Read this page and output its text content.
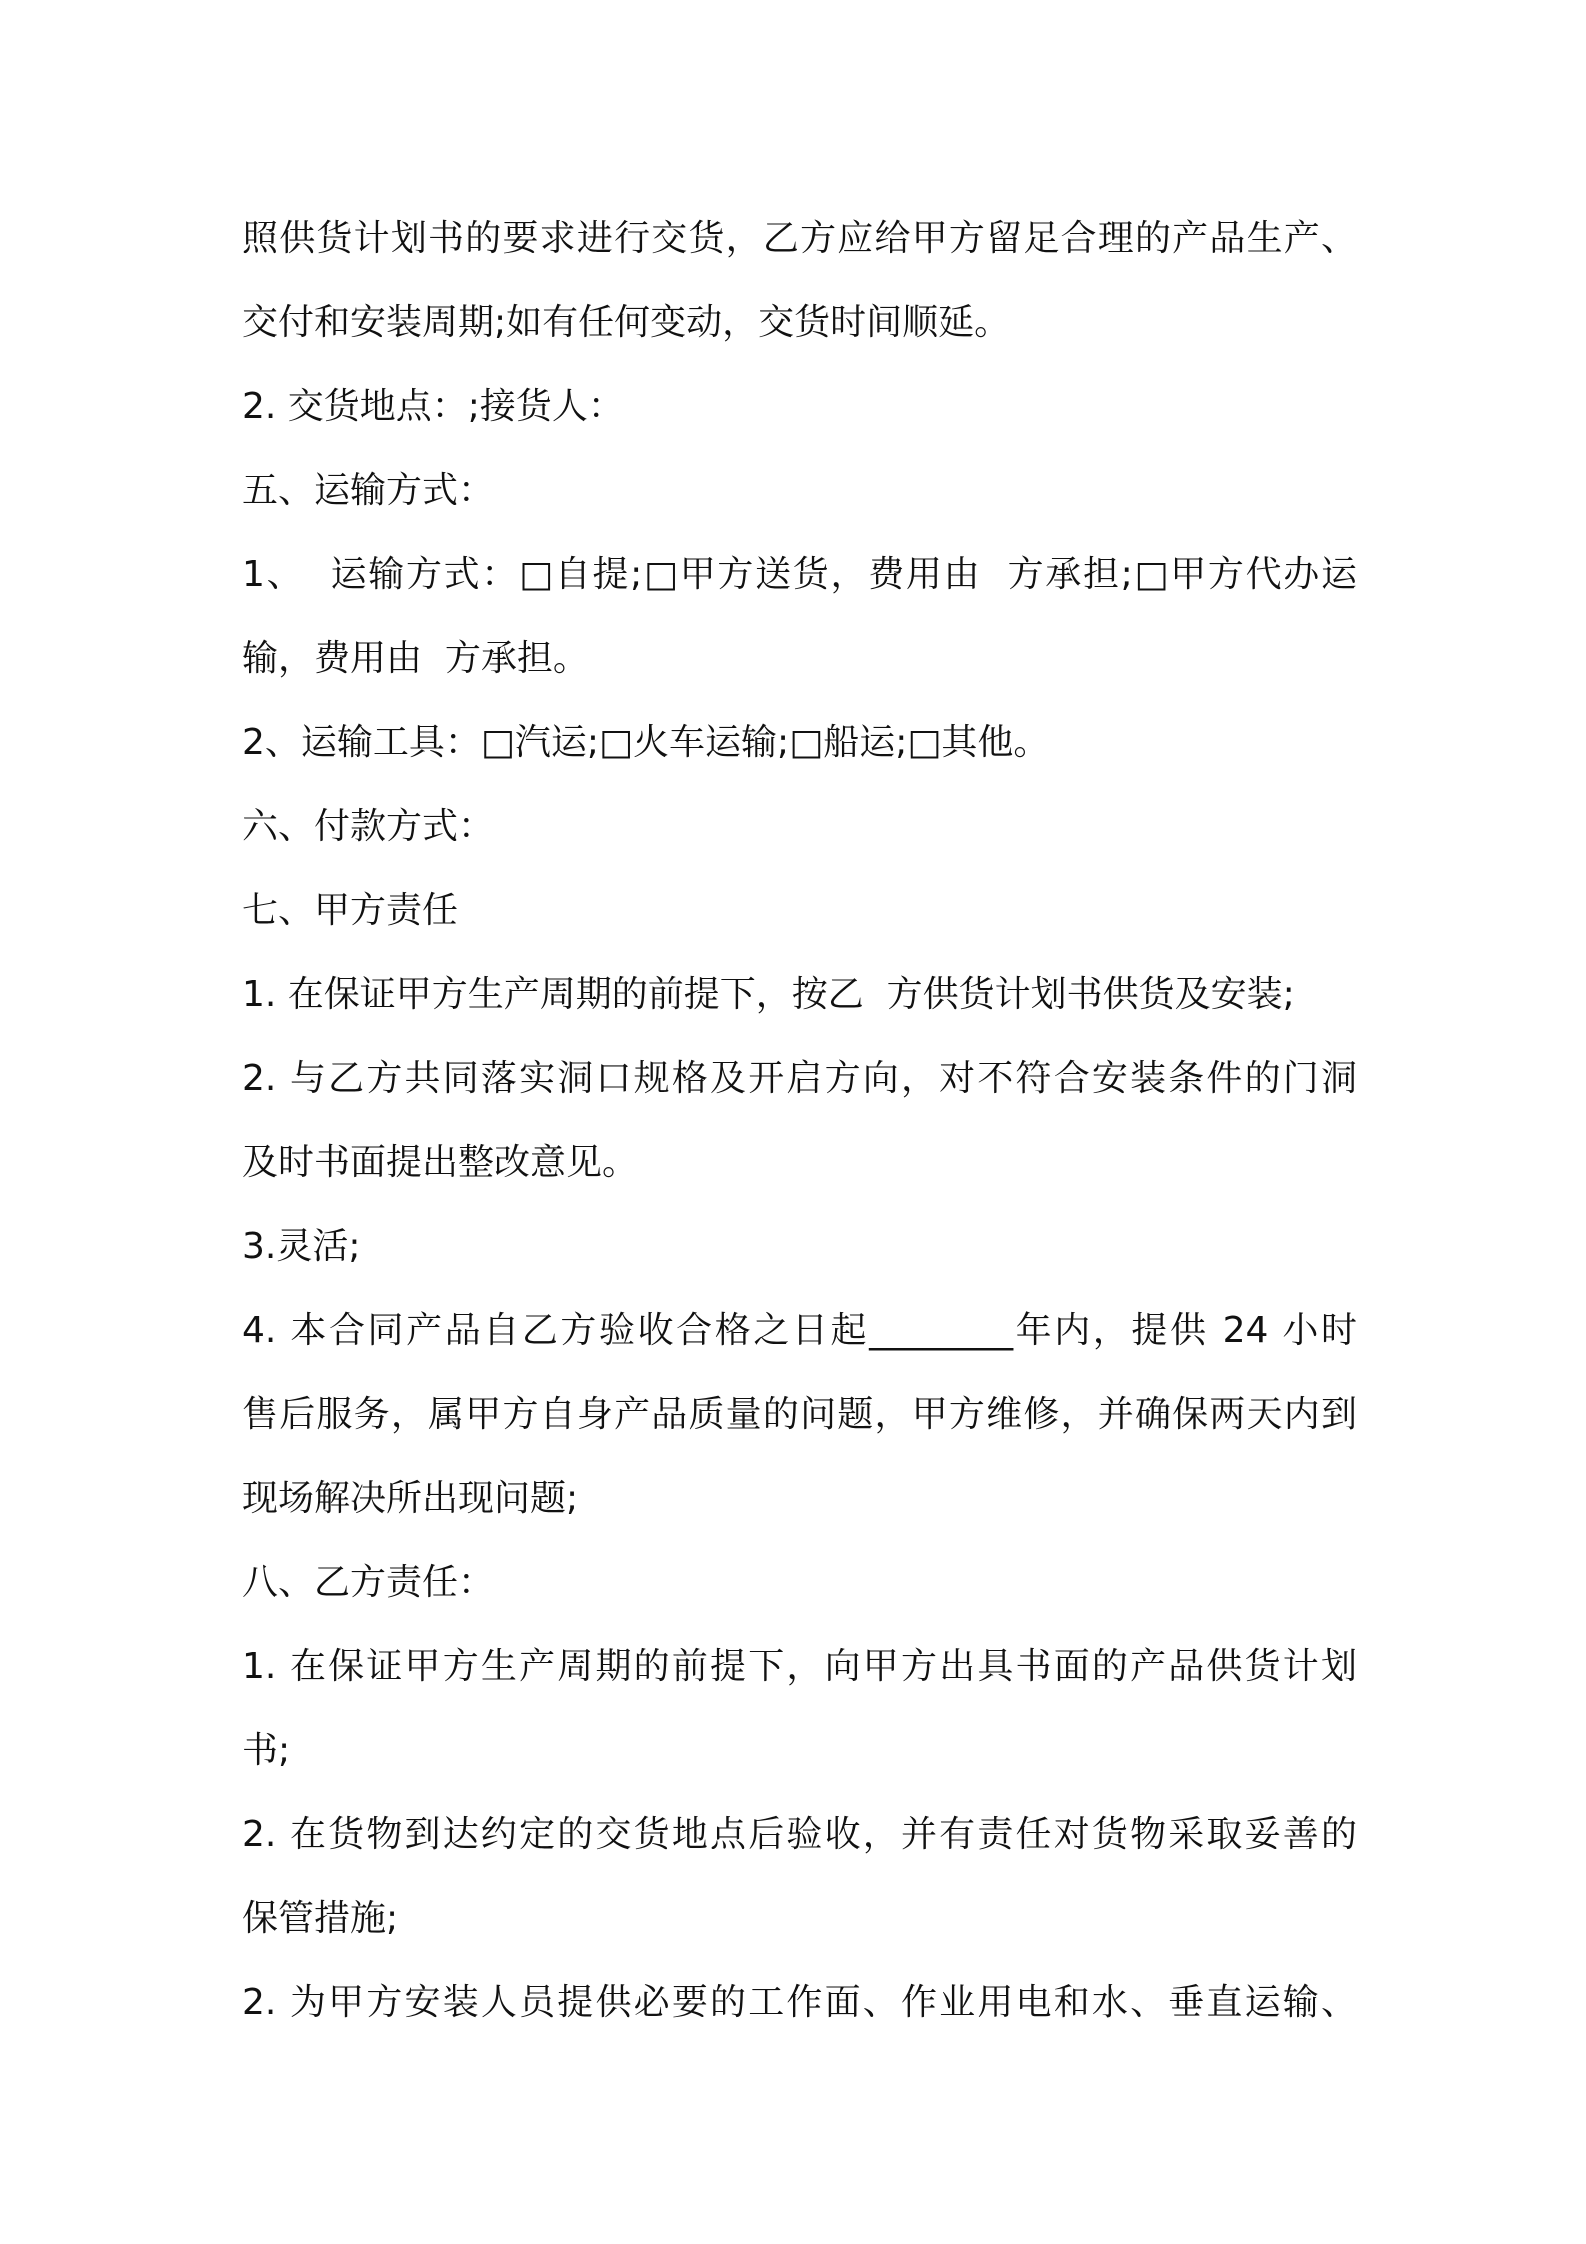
照供货计划书的要求进行交货，乙方应给甲方留足合理的产品生产、
交付和安装周期;如有任何变动，交货时间顺延。
2. 交货地点：;接货人：
五、运输方式：
1、  运输方式：□自提;□甲方送货，费用由  方承担;□甲方代办运
输，费用由  方承担。
2、运输工具：□汽运;□火车运输;□船运;□其他。
六、付款方式：
七、甲方责任
1. 在保证甲方生产周期的前提下，按乙  方供货计划书供货及安装;
2. 与乙方共同落实洞口规格及开启方向，对不符合安装条件的门洞
及时书面提出整改意见。
3.灵活;
4. 本合同产品自乙方验收合格之日起________年内，提供 24 小时
售后服务，属甲方自身产品质量的问题，甲方维修，并确保两天内到
现场解决所出现问题;
八、乙方责任：
1. 在保证甲方生产周期的前提下，向甲方出具书面的产品供货计划
书;
2. 在货物到达约定的交货地点后验收，并有责任对货物采取妥善的
保管措施;
2. 为甲方安装人员提供必要的工作面、作业用电和水、垂直运输、
